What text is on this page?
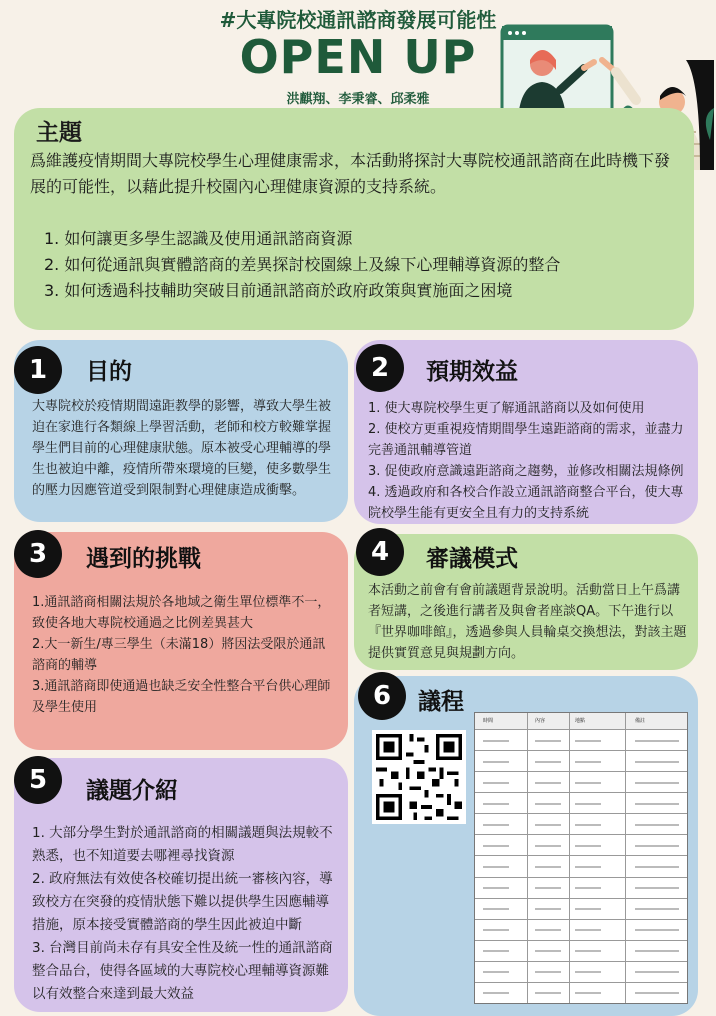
#大專院校通訊諮商發展可能性
OPEN UP
洪麒翔、李秉睿、邱柔雅
主題
爲維護疫情期間大專院校學生心理健康需求，本活動將探討大專院校通訊諮商在此時機下發展的可能性，以藉此提升校園內心理健康資源的支持系統。
1. 如何讓更多學生認識及使用通訊諮商資源
2. 如何從通訊與實體諮商的差異探討校園線上及線下心理輔導資源的整合
3. 如何透過科技輔助突破目前通訊諮商於政府政策與實施面之困境
1	目的
大專院校於疫情期間遠距教學的影響，導致大學生被迫在家進行各類線上學習活動，老師和校方較難掌握學生們目前的心理健康狀態。原本被受心理輔導的學生也被迫中離，疫情所帶來環境的巨變，使多數學生的壓力因應管道受到限制對心理健康造成衝擊。
2	預期效益
1. 使大專院校學生更了解通訊諮商以及如何使用
2. 使校方更重視疫情期間學生遠距諮商的需求，並盡力完善通訊輔導管道
3. 促使政府意識遠距諮商之趨勢，並修改相關法規條例
4. 透過政府和各校合作設立通訊諮商整合平台，使大專院校學生能有更安全且有力的支持系統
3	遇到的挑戰
1.通訊諮商相關法規於各地域之衛生單位標準不一，致使各地大專院校通過之比例差異甚大
2.大一新生/專三學生（未滿18）將因法受限於通訊諮商的輔導
3.通訊諮商即使通過也缺乏安全性整合平台供心理師及學生使用
4	審議模式
本活動之前會有會前議題背景說明。活動當日上午爲講者短講，之後進行講者及與會者座談QA。下午進行以『世界咖啡館』，透過參與人員輪桌交換想法，對該主題提供實質意見與規劃方向。
6	議程
時間	內容	地點	備註
5	議題介紹
1. 大部分學生對於通訊諮商的相關議題與法規較不熟悉，也不知道要去哪裡尋找資源
2. 政府無法有效使各校確切提出統一審核內容，導致校方在突發的疫情狀態下難以提供學生因應輔導措施，原本接受實體諮商的學生因此被迫中斷
3. 台灣目前尚未存有具安全性及統一性的通訊諮商整合品台，使得各區域的大專院校心理輔導資源難以有效整合來達到最大效益
